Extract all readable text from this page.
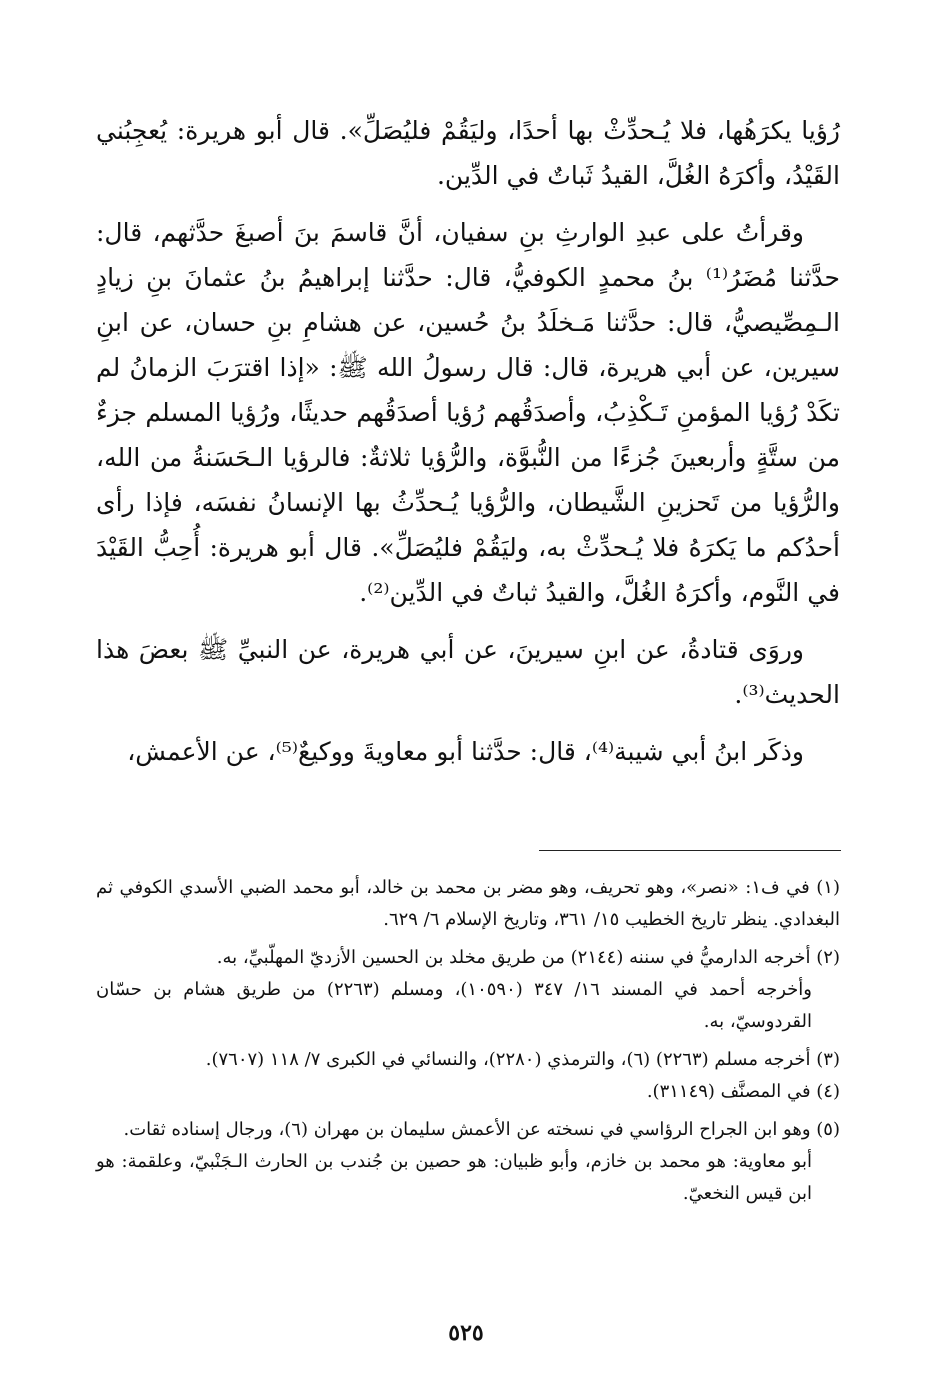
رُؤيا يكرَهُها، فلا يُـحدِّثْ بها أحدًا، وليَقُمْ فليُصَلِّ». قال أبو هريرة: يُعجِبُني القَيْدُ، وأكرَهُ الغُلَّ، القيدُ ثَباتٌ في الدِّين.

وقرأتُ على عبدِ الوارثِ بنِ سفيان، أنَّ قاسمَ بنَ أصبغَ حدَّثهم، قال: حدَّثنا مُضَرُ⁽¹⁾ بنُ محمدٍ الكوفيُّ، قال: حدَّثنا إبراهيمُ بنُ عثمانَ بنِ زيادٍ الـمِصِّيصيُّ، قال: حدَّثنا مَـخلَدُ بنُ حُسين، عن هشامِ بنِ حسان، عن ابنِ سيرين، عن أبي هريرة، قال: قال رسولُ الله ﷺ: «إذا اقترَبَ الزمانُ لم تكَدْ رُؤيا المؤمنِ تَـكْذِبُ، وأصدَقُهم رُؤيا أصدَقُهم حديثًا، ورُؤيا المسلم جزءٌ من ستَّةٍ وأربعينَ جُزءًا من النُّبوَّة، والرُّؤيا ثلاثةٌ: فالرؤيا الـحَسَنةُ من الله، والرُّؤيا من تَحزينِ الشَّيطان، والرُّؤيا يُـحدِّثُ بها الإنسانُ نفسَه، فإذا رأى أحدُكم ما يَكرَهُ فلا يُـحدِّثْ به، وليَقُمْ فليُصَلِّ». قال أبو هريرة: أُحِبُّ القَيْدَ في النَّوم، وأكرَهُ الغُلَّ، والقيدُ ثباتٌ في الدِّين⁽²⁾.

وروَى قتادةُ، عن ابنِ سيرينَ، عن أبي هريرة، عن النبيِّ ﷺ بعضَ هذا الحديث⁽³⁾.

وذكَر ابنُ أبي شيبة⁽⁴⁾، قال: حدَّثنا أبو معاويةَ ووكيعٌ⁽⁵⁾، عن الأعمش،

(١) في ف١: «نصر»، وهو تحريف، وهو مضر بن محمد بن خالد، أبو محمد الضبي الأسدي الكوفي ثم البغدادي. ينظر تاريخ الخطيب ١٥/ ٣٦١، وتاريخ الإسلام ٦/ ٦٢٩.

(٢) أخرجه الدارميُّ في سننه (٢١٤٤) من طريق مخلد بن الحسين الأزديّ المهلّبيِّ، به.

وأخرجه أحمد في المسند ١٦/ ٣٤٧ (١٠٥٩٠)، ومسلم (٢٢٦٣) من طريق هشام بن حسّان القردوسيّ، به.

(٣) أخرجه مسلم (٢٢٦٣) (٦)، والترمذي (٢٢٨٠)، والنسائي في الكبرى ٧/ ١١٨ (٧٦٠٧).

(٤) في المصنَّف (٣١١٤٩).

(٥) وهو ابن الجراح الرؤاسي في نسخته عن الأعمش سليمان بن مهران (٦)، ورجال إسناده ثقات.

أبو معاوية: هو محمد بن خازم، وأبو ظبيان: هو حصين بن جُندب بن الحارث الـجَنْبيّ، وعلقمة: هو ابن قيس النخعيّ.

٥٢٥
